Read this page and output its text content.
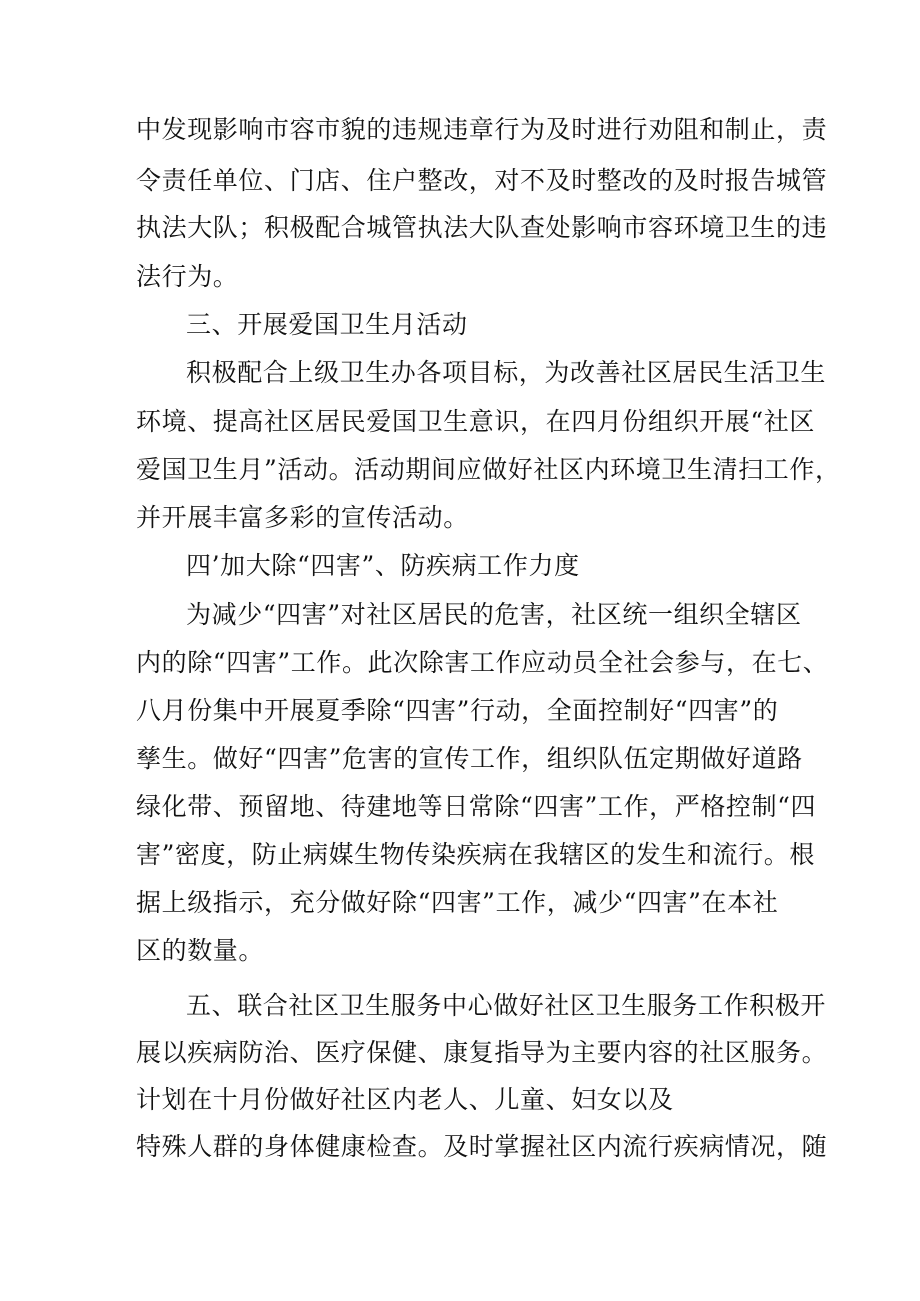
中发现影响市容市貌的违规违章行为及时进行劝阻和制止，责
令责任单位、门店、住户整改，对不及时整改的及时报告城管
执法大队；积极配合城管执法大队查处影响市容环境卫生的违
法行为。
三、开展爱国卫生月活动
积极配合上级卫生办各项目标，为改善社区居民生活卫生
环境、提高社区居民爱国卫生意识，在四月份组织开展“社区
爱国卫生月”活动。活动期间应做好社区内环境卫生清扫工作，
并开展丰富多彩的宣传活动。
四’加大除“四害”、防疾病工作力度
为减少“四害”对社区居民的危害，社区统一组织全辖区
内的除“四害”工作。此次除害工作应动员全社会参与，在七、
八月份集中开展夏季除“四害”行动，全面控制好“四害”的
孳生。做好“四害”危害的宣传工作，组织队伍定期做好道路
绿化带、预留地、待建地等日常除“四害”工作，严格控制“四
害”密度，防止病媒生物传染疾病在我辖区的发生和流行。根
据上级指示，充分做好除“四害”工作，减少“四害”在本社
区的数量。
五、联合社区卫生服务中心做好社区卫生服务工作积极开
展以疾病防治、医疗保健、康复指导为主要内容的社区服务。
计划在十月份做好社区内老人、儿童、妇女以及
特殊人群的身体健康检查。及时掌握社区内流行疾病情况，随
